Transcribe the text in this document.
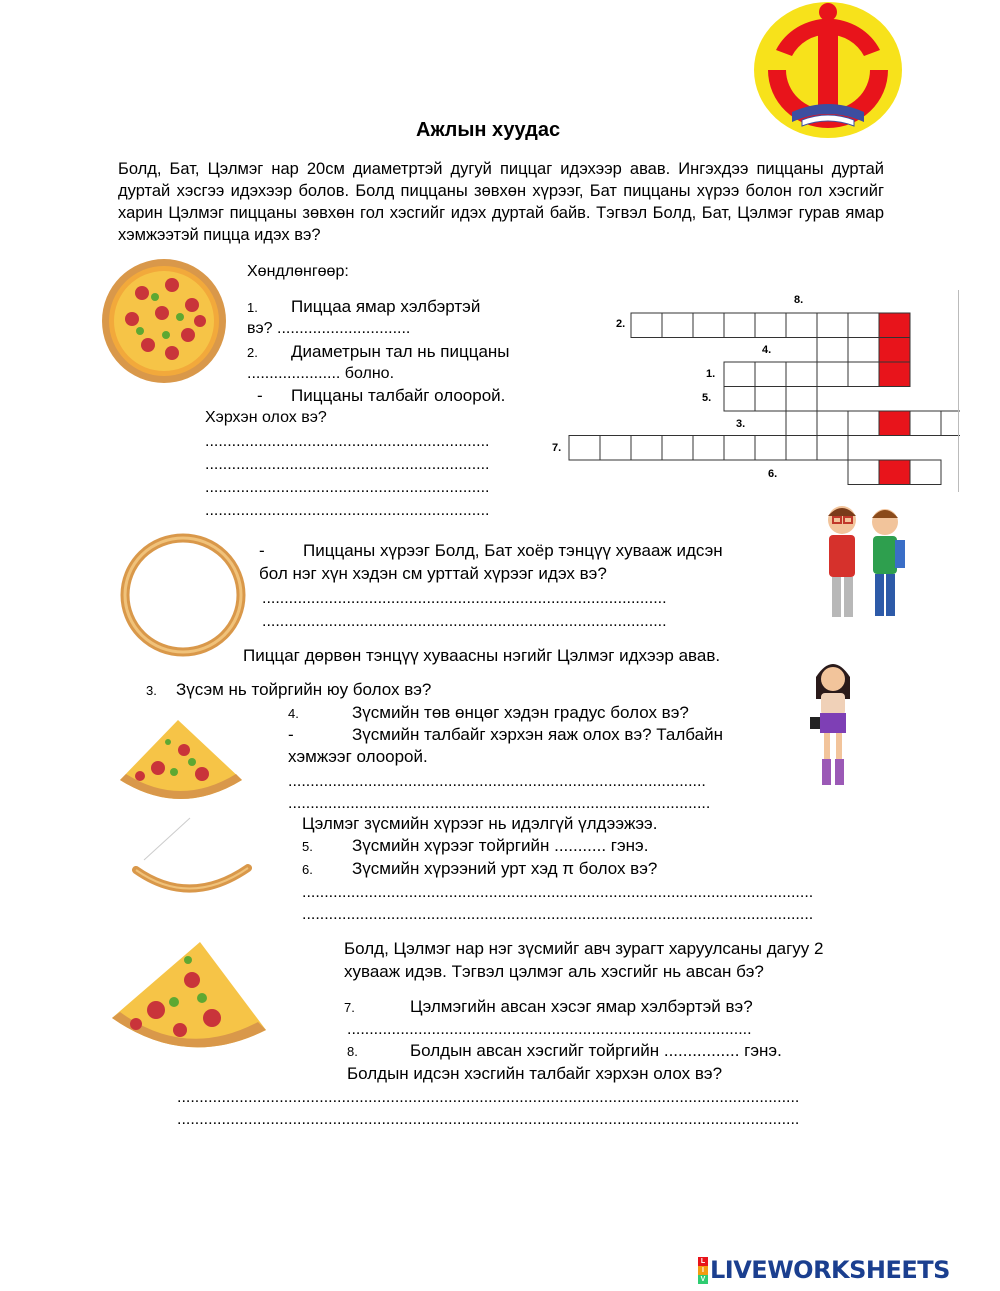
Ажлын хуудас
Болд, Бат, Цэлмэг нар 20см диаметртэй дугуй пиццаг идэхээр авав. Ингэхдээ пиццаны дуртай дуртай хэсгээ идэхээр болов. Болд пиццаны зөвхөн хүрээг, Бат пиццаны хүрээ болон гол хэсгийг харин Цэлмэг пиццаны зөвхөн гол хэсгийг идэх дуртай байв. Тэгвэл Болд, Бат, Цэлмэг гурав ямар хэмжээтэй пицца идэх вэ?
Хөндлөнгөөр:
1. Пиццаа ямар хэлбэртэй
вэ? ..............................
2. Диаметрын тал нь пиццаны
..................... болно.
- Пиццаны талбайг олоорой.
Хэрхэн олох вэ?
................................................................
................................................................
................................................................
................................................................
8.
2.
4.
1.
5.
3.
7.
6.
- Пиццаны хүрээг Болд, Бат хоёр тэнцүү хуваaж идсэн
бол нэг хүн хэдэн см урттай хүрээг идэх вэ?
...........................................................................................
...........................................................................................
Пиццаг дөрвөн тэнцүү хуваасны нэгийг Цэлмэг идхээр авав.
3. Зүсэм нь тойргийн юу болох вэ?
4.	Зүсмийн төв өнцөг хэдэн градус болох вэ?
-	Зүсмийн талбайг хэрхэн яаж олох вэ? Талбайн
хэмжээг олоорой.
..............................................................................................
...............................................................................................
Цэлмэг зүсмийн хүрээг нь идэлгүй үлдээжээ.
5. Зүсмийн хүрээг тойргийн ........... гэнэ.
6. Зүсмийн хүрээний урт хэд π болох вэ?
...................................................................................................................
...................................................................................................................
Болд, Цэлмэг нар нэг зүсмийг авч зурагт харуулсаны дагуу 2
хуваaж идэв. Тэгвэл цэлмэг аль хэсгийг нь авсан бэ?
7.	Цэлмэгийн авсан хэсэг ямар хэлбэртэй вэ?
...........................................................................................
8.	Болдын авсан хэсгийг тойргийн ................ гэнэ.
Болдын идсэн хэсгийн талбайг хэрхэн олох вэ?
............................................................................................................................................
............................................................................................................................................
L
I
V LIVEWORKSHEETS
